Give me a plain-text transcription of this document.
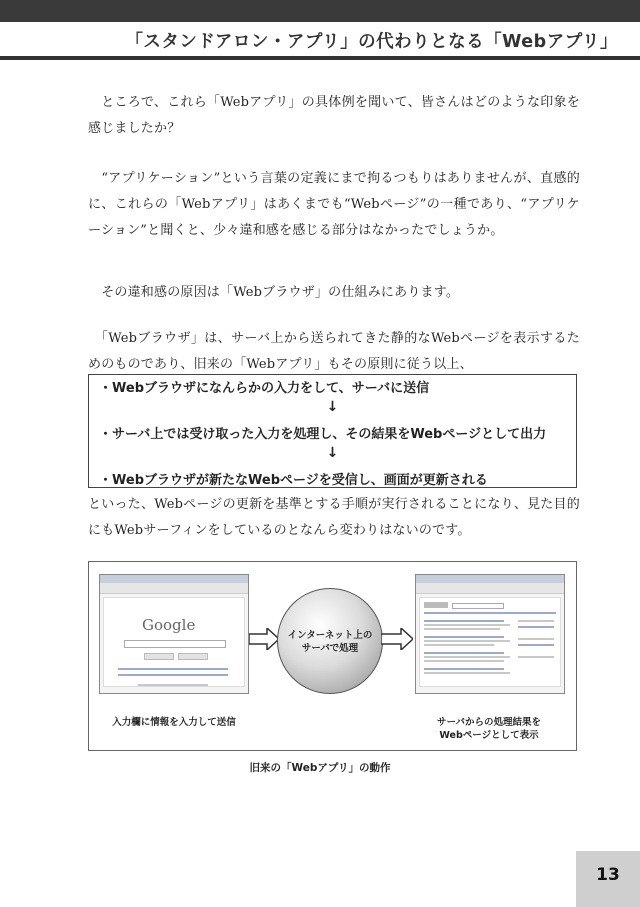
「スタンドアロン・アプリ」の代わりとなる「Webアプリ」

　ところで、これら「Webアプリ」の具体例を聞いて、皆さんはどのような印象を感じましたか？

　“アプリケーション”という言葉の定義にまで拘るつもりはありませんが、直感的に、これらの「Webアプリ」はあくまでも“Webページ”の一種であり、“アプリケーション”と聞くと、少々違和感を感じる部分はなかったでしょうか。

　その違和感の原因は「Webブラウザ」の仕組みにあります。

　「Webブラウザ」は、サーバ上から送られてきた静的なWebページを表示するためのものであり、旧来の「Webアプリ」もその原則に従う以上、

・Webブラウザになんらかの入力をして、サーバに送信
↓
・サーバ上では受け取った入力を処理し、その結果をWebページとして出力
↓
・Webブラウザが新たなWebページを受信し、画面が更新される

といった、Webページの更新を基準とする手順が実行されることになり、見た目的にもWebサーフィンをしているのとなんら変わりはないのです。

Google
インターネット上の
サーバで処理
入力欄に情報を入力して送信	サーバからの処理結果を
Webページとして表示
旧来の「Webアプリ」の動作
13
